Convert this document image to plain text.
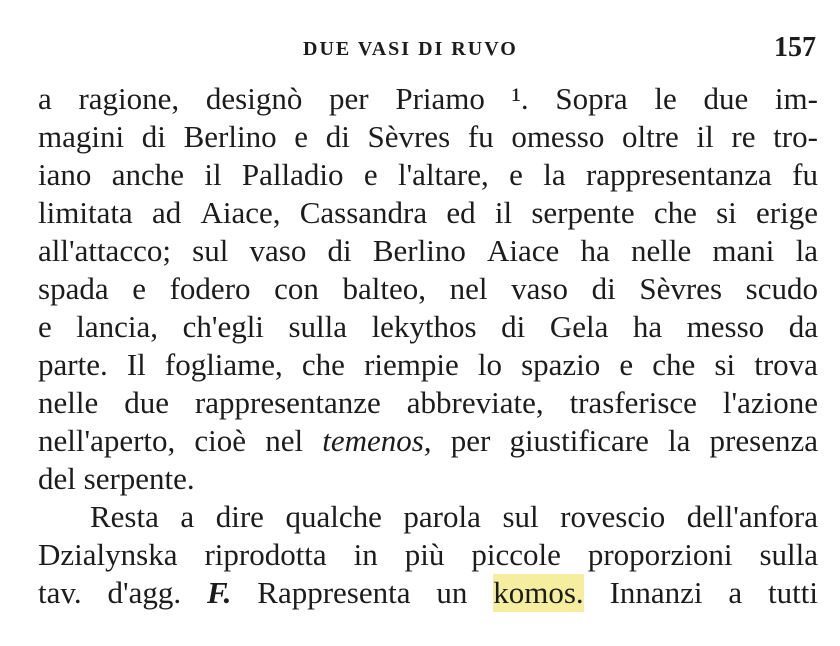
DUE VASI DI RUVO	157
a ragione, designò per Priamo ¹. Sopra le due im-
magini di Berlino e di Sèvres fu omesso oltre il re tro-
iano anche il Palladio e l'altare, e la rappresentanza fu
limitata ad Aiace, Cassandra ed il serpente che si erige
all'attacco; sul vaso di Berlino Aiace ha nelle mani la
spada e fodero con balteo, nel vaso di Sèvres scudo
e lancia, ch'egli sulla lekythos di Gela ha messo da
parte. Il fogliame, che riempie lo spazio e che si trova
nelle due rappresentanze abbreviate, trasferisce l'azione
nell'aperto, cioè nel temenos, per giustificare la presenza
del
serpente.
Resta a dire qualche parola sul rovescio dell'anfora
Dzialynska riprodotta in più piccole proporzioni sulla
tav. d'agg. F. Rappresenta un komos. Innanzi a tutti
